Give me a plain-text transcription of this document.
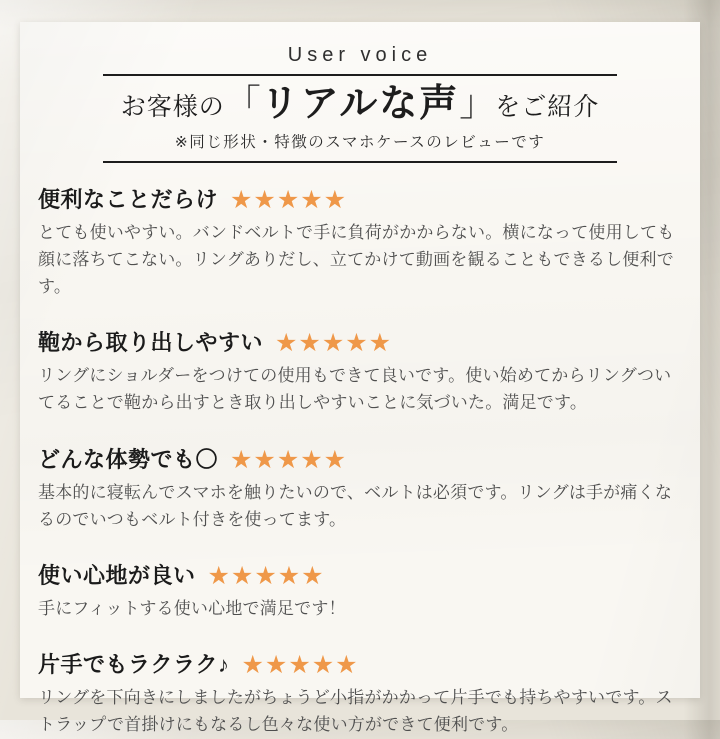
User voice
お客様の 「 リアルな声 」 をご紹介
※同じ形状・特徴のスマホケースのレビューです
便利なことだらけ ★★★★★
とても使いやすい。バンドベルトで手に負荷がかからない。横になって使用しても顔に落ちてこない。リングありだし、立てかけて動画を観ることもできるし便利です。
鞄から取り出しやすい ★★★★★
リングにショルダーをつけての使用もできて良いです。使い始めてからリングついてることで鞄から出すとき取り出しやすいことに気づいた。満足です。
どんな体勢でも〇 ★★★★★
基本的に寝転んでスマホを触りたいので、ベルトは必須です。リングは手が痛くなるのでいつもベルト付きを使ってます。
使い心地が良い ★★★★★
手にフィットする使い心地で満足です！
片手でもラクラク♪ ★★★★★
リングを下向きにしましたがちょうど小指がかかって片手でも持ちやすいです。ストラップで首掛けにもなるし色々な使い方ができて便利です。
